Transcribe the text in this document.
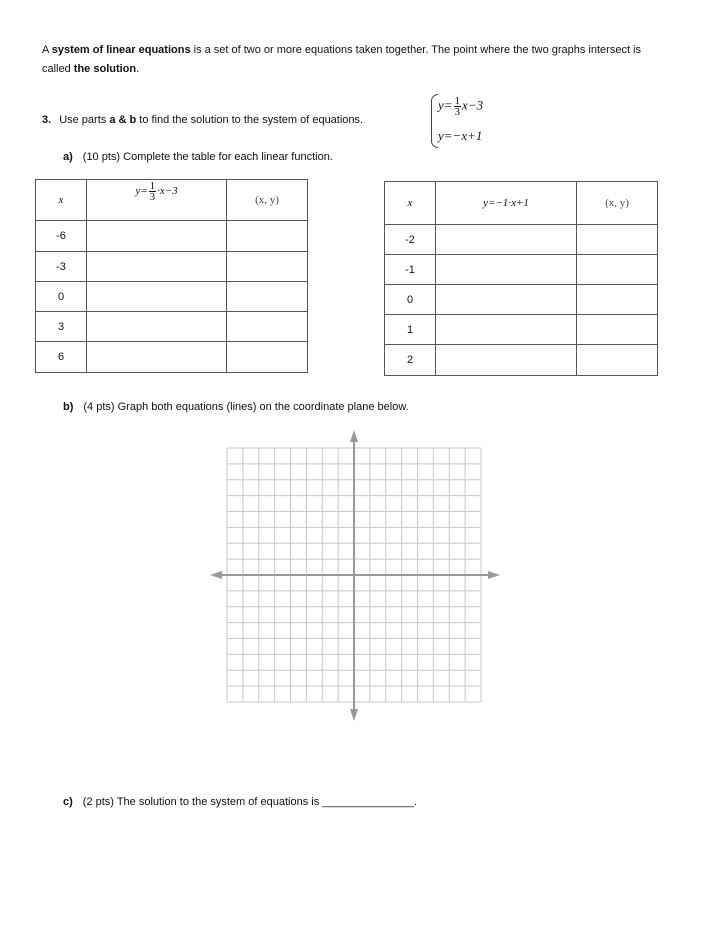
A system of linear equations is a set of two or more equations taken together. The point where the two graphs intersect is called the solution.
3. Use parts a & b to find the solution to the system of equations.
$y= \frac{1}{3} x-3$
y=−x+1
a) (10 pts) Complete the table for each linear function.
x	$y= \frac{1}{3} \cdot x-3$	(x, y)
-6		
-3		
0		
3		
6		
x	y=−1·x+1	(x, y)
-2		
-1		
0		
1		
2		
b) (4 pts) Graph both equations (lines) on the coordinate plane below.
c) (2 pts) The solution to the system of equations is _______________.
